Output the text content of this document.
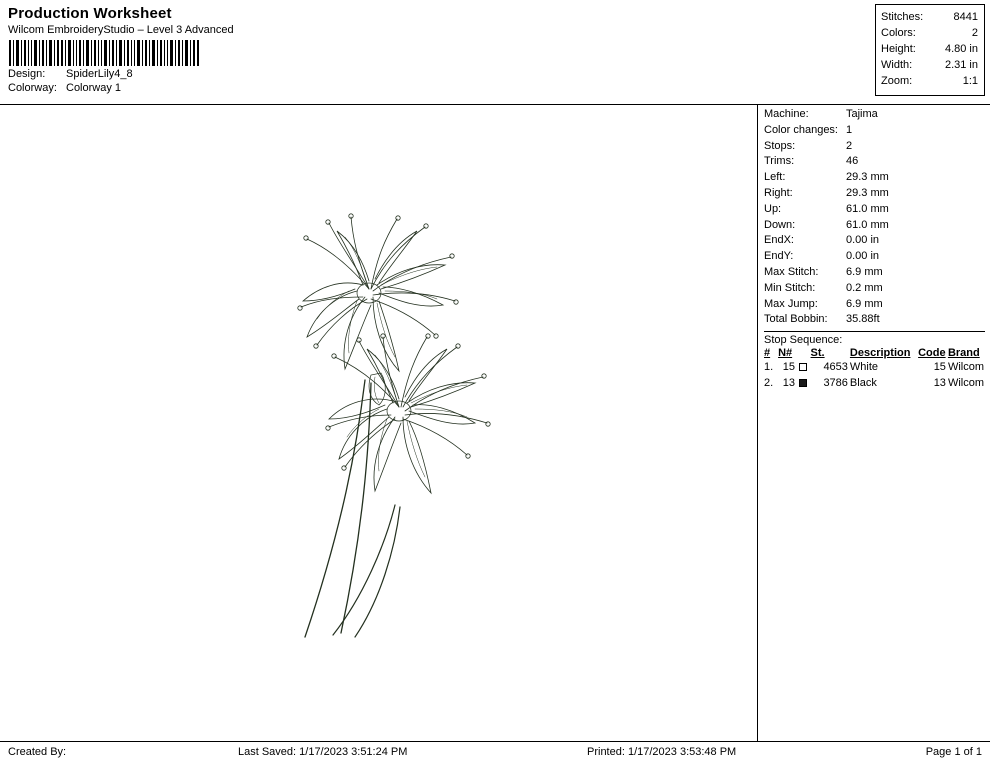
Production Worksheet
Wilcom EmbroideryStudio – Level 3 Advanced
Design:	SpiderLily4_8
Colorway: Colorway 1
Stitches:	8441
Colors:	2
Height:	4.80 in
Width:	2.31 in
Zoom:	1:1
Machine:	Tajima
Color changes: 1
Stops:	2
Trims:	46
Left:	29.3 mm
Right:	29.3 mm
Up:	61.0 mm
Down:	61.0 mm
EndX:	0.00 in
EndY:	0.00 in
Max Stitch:	6.9 mm
Min Stitch:	0.2 mm
Max Jump:	6.9 mm
Total Bobbin:	35.88ft
Stop Sequence:
#	N#		St.	Description	Code	Brand
1.	15		4653	White	15	Wilcom
2.	13		3786	Black	13	Wilcom
Created By:	Last Saved: 1/17/2023 3:51:24 PM	Printed: 1/17/2023 3:53:48 PM	Page 1 of 1
